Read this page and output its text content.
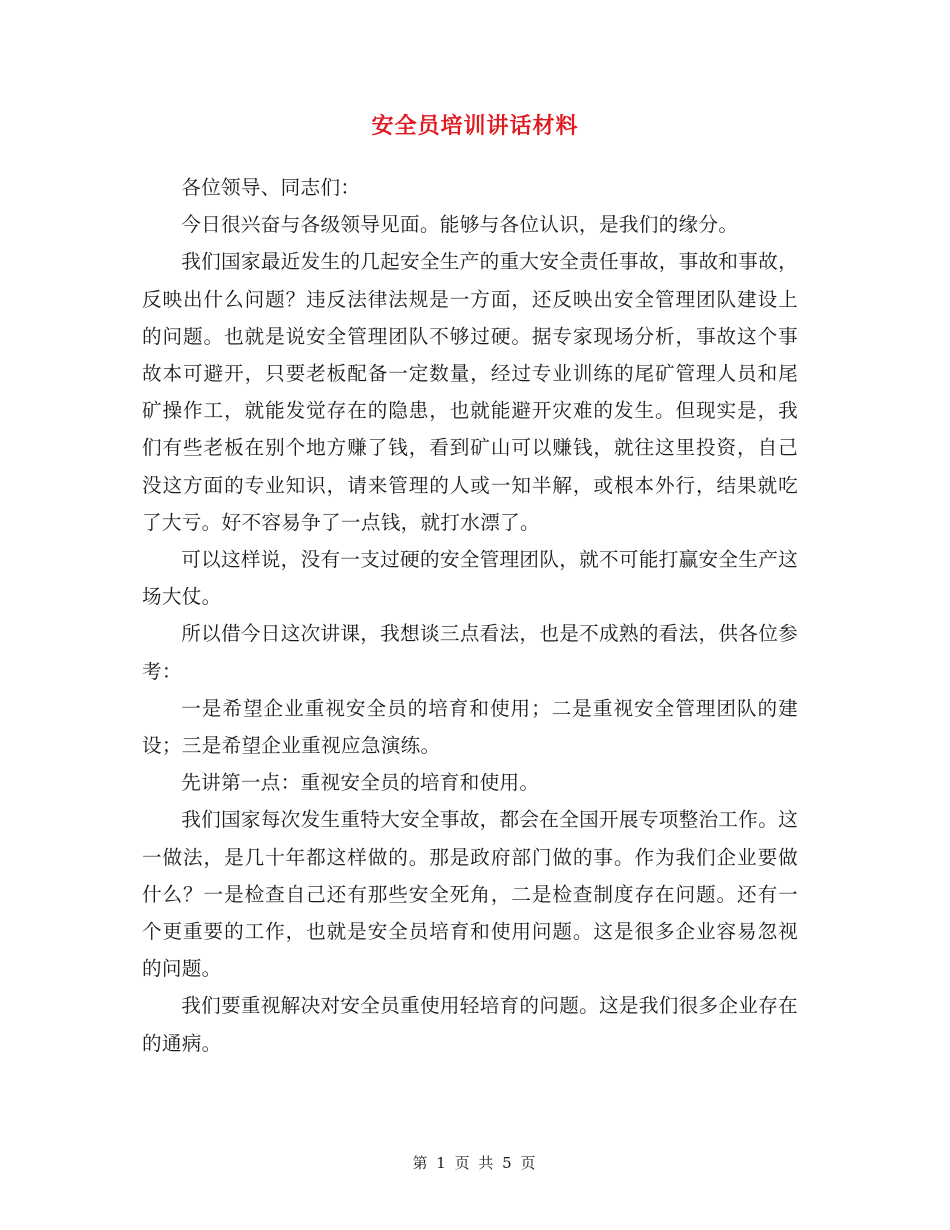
安全员培训讲话材料

各位领导、同志们：

今日很兴奋与各级领导见面。能够与各位认识，是我们的缘分。

我们国家最近发生的几起安全生产的重大安全责任事故，事故和事故，反映出什么问题？违反法律法规是一方面，还反映出安全管理团队建设上的问题。也就是说安全管理团队不够过硬。据专家现场分析，事故这个事故本可避开，只要老板配备一定数量，经过专业训练的尾矿管理人员和尾矿操作工，就能发觉存在的隐患，也就能避开灾难的发生。但现实是，我们有些老板在别个地方赚了钱，看到矿山可以赚钱，就往这里投资，自己没这方面的专业知识，请来管理的人或一知半解，或根本外行，结果就吃了大亏。好不容易争了一点钱，就打水漂了。

可以这样说，没有一支过硬的安全管理团队，就不可能打赢安全生产这场大仗。

所以借今日这次讲课，我想谈三点看法，也是不成熟的看法，供各位参考：

一是希望企业重视安全员的培育和使用；二是重视安全管理团队的建设；三是希望企业重视应急演练。

先讲第一点：重视安全员的培育和使用。

我们国家每次发生重特大安全事故，都会在全国开展专项整治工作。这一做法，是几十年都这样做的。那是政府部门做的事。作为我们企业要做什么？一是检查自己还有那些安全死角，二是检查制度存在问题。还有一个更重要的工作，也就是安全员培育和使用问题。这是很多企业容易忽视的问题。

我们要重视解决对安全员重使用轻培育的问题。这是我们很多企业存在的通病。

第 1 页 共 5 页
